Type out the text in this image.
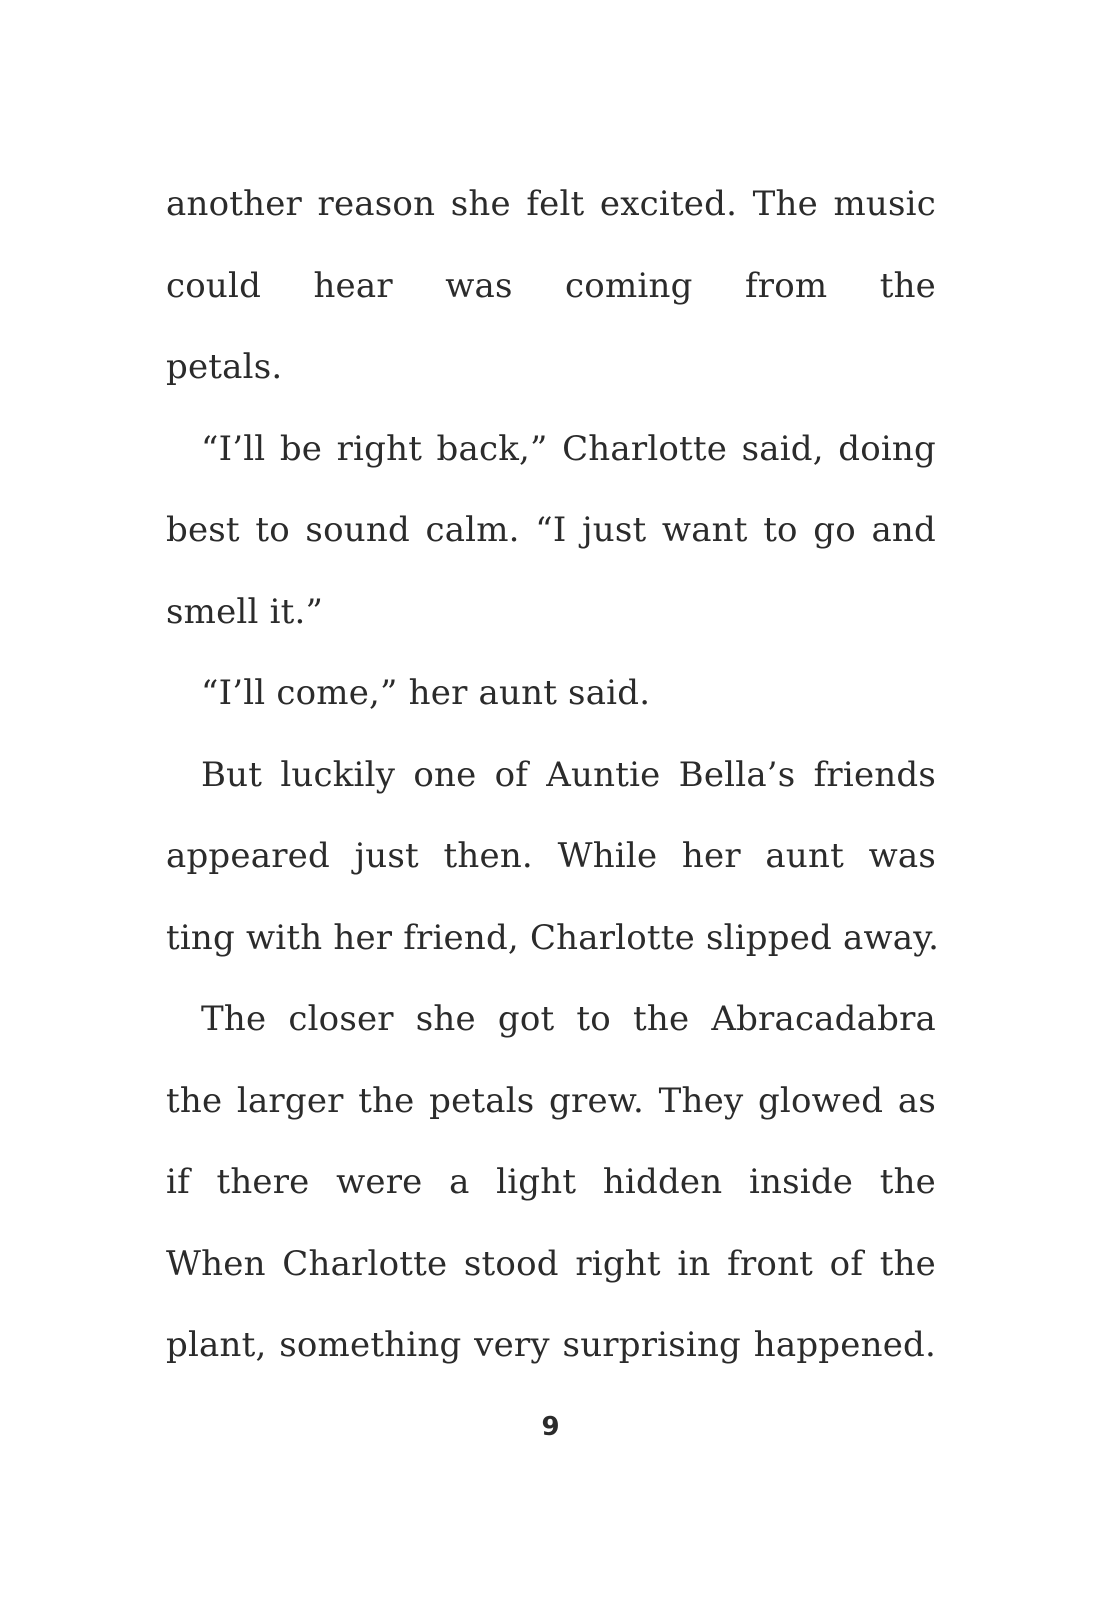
another reason she felt excited. The music
could hear was coming from the
petals.
“I’ll be right back,” Charlotte said, doing
best to sound calm. “I just want to go and
smell it.”
“I’ll come,” her aunt said.
But luckily one of Auntie Bella’s friends
appeared just then. While her aunt was
ting with her friend, Charlotte slipped away.
The closer she got to the Abracadabra
the larger the petals grew. They glowed as
if there were a light hidden inside the
When Charlotte stood right in front of the
plant, something very surprising happened.
9
